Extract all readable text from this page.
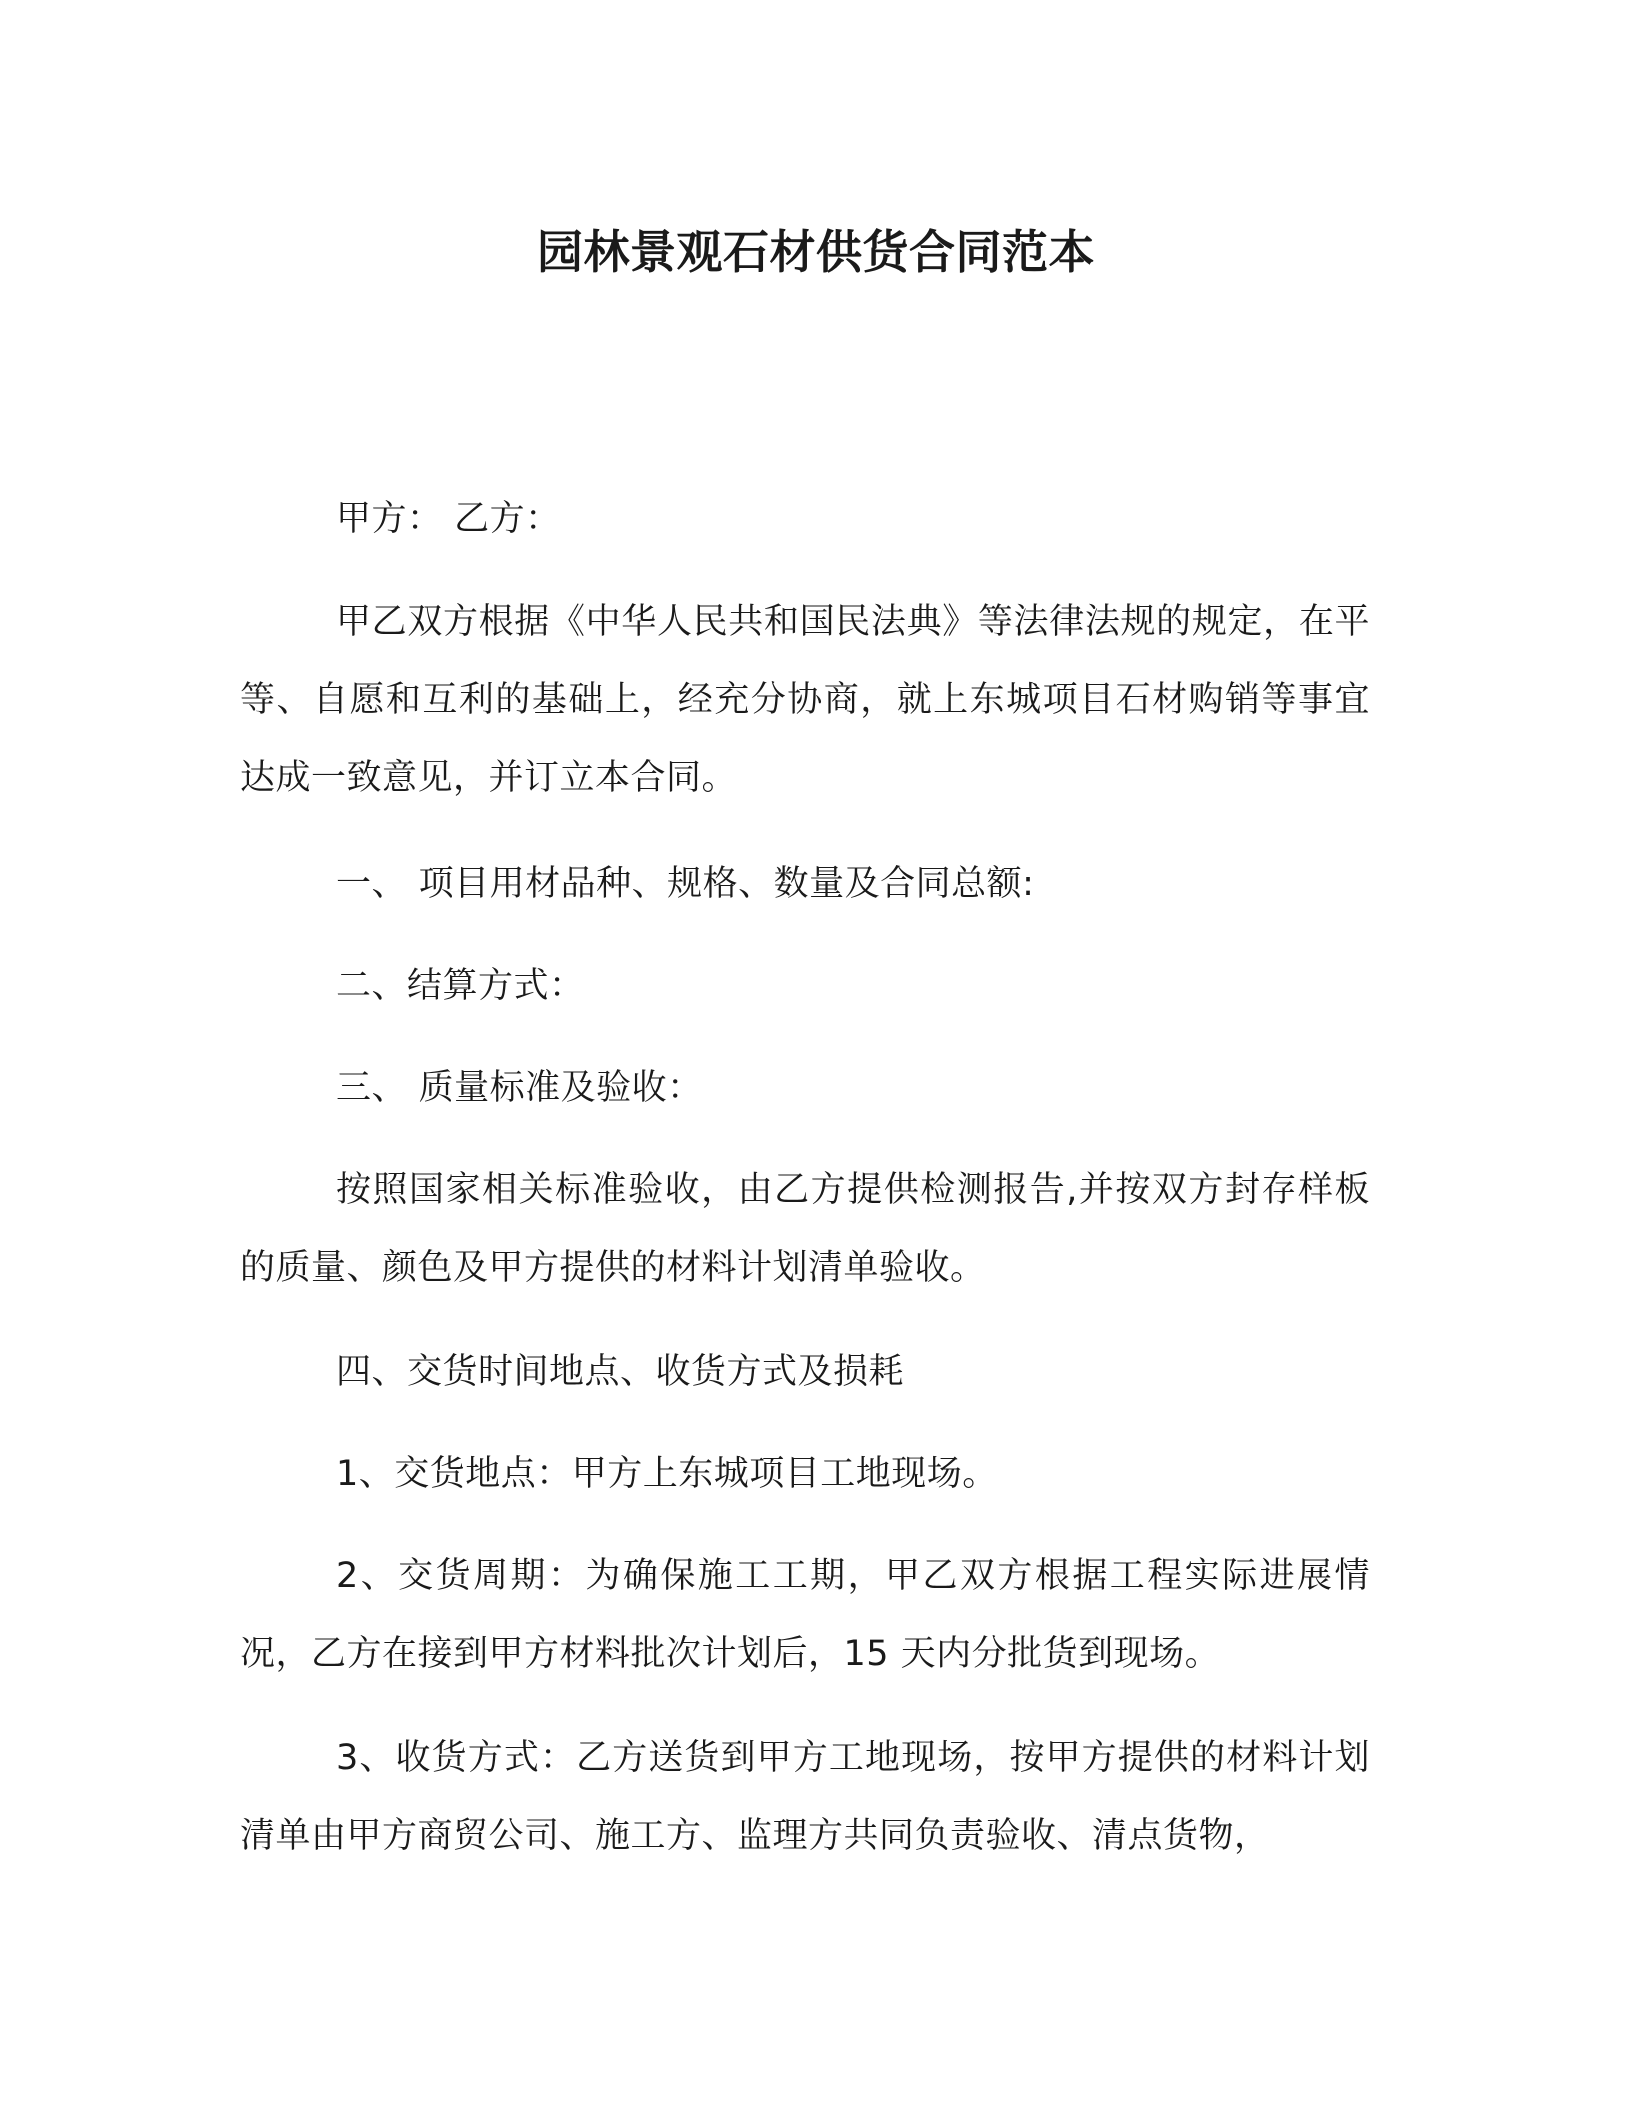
园林景观石材供货合同范本

甲方： 乙方：

甲乙双方根据《中华人民共和国民法典》等法律法规的规定，在平等、自愿和互利的基础上，经充分协商，就上东城项目石材购销等事宜达成一致意见，并订立本合同。

一、 项目用材品种、规格、数量及合同总额:

二、结算方式：

三、 质量标准及验收：

按照国家相关标准验收，由乙方提供检测报告,并按双方封存样板的质量、颜色及甲方提供的材料计划清单验收。

四、交货时间地点、收货方式及损耗

1、交货地点：甲方上东城项目工地现场。

2、交货周期：为确保施工工期，甲乙双方根据工程实际进展情况，乙方在接到甲方材料批次计划后，15 天内分批货到现场。

3、收货方式：乙方送货到甲方工地现场，按甲方提供的材料计划清单由甲方商贸公司、施工方、监理方共同负责验收、清点货物，
